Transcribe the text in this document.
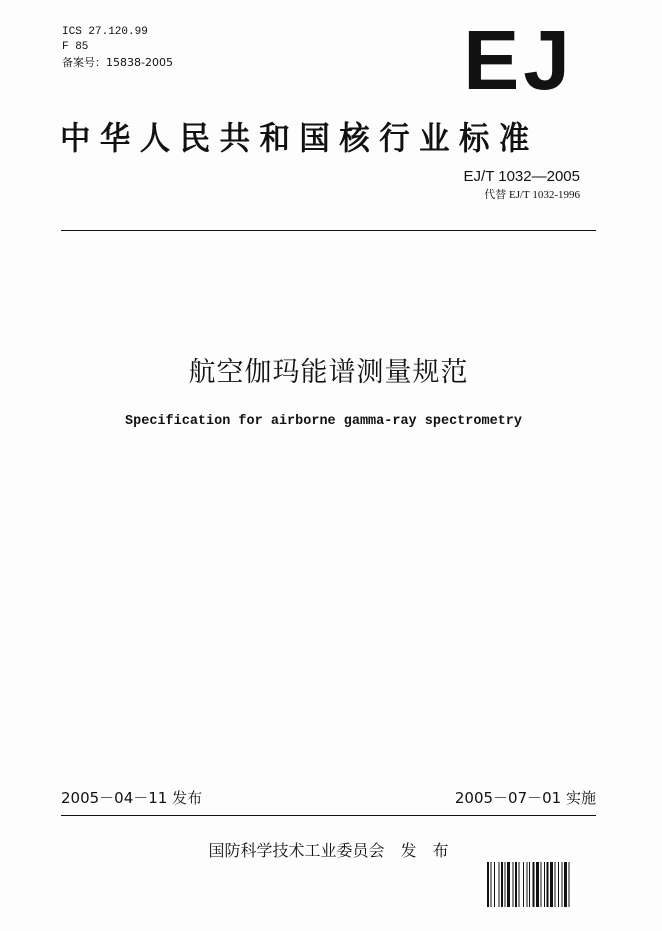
ICS 27.120.99
F 85
备案号：15838-2005	EJ
中华人民共和国核行业标准
EJ/T 1032—2005
代替 EJ/T 1032-1996
航空伽玛能谱测量规范
Specification for airborne gamma-ray spectrometry
2005－04－11 发布	2005－07－01 实施
国防科学技术工业委员会　发　布
